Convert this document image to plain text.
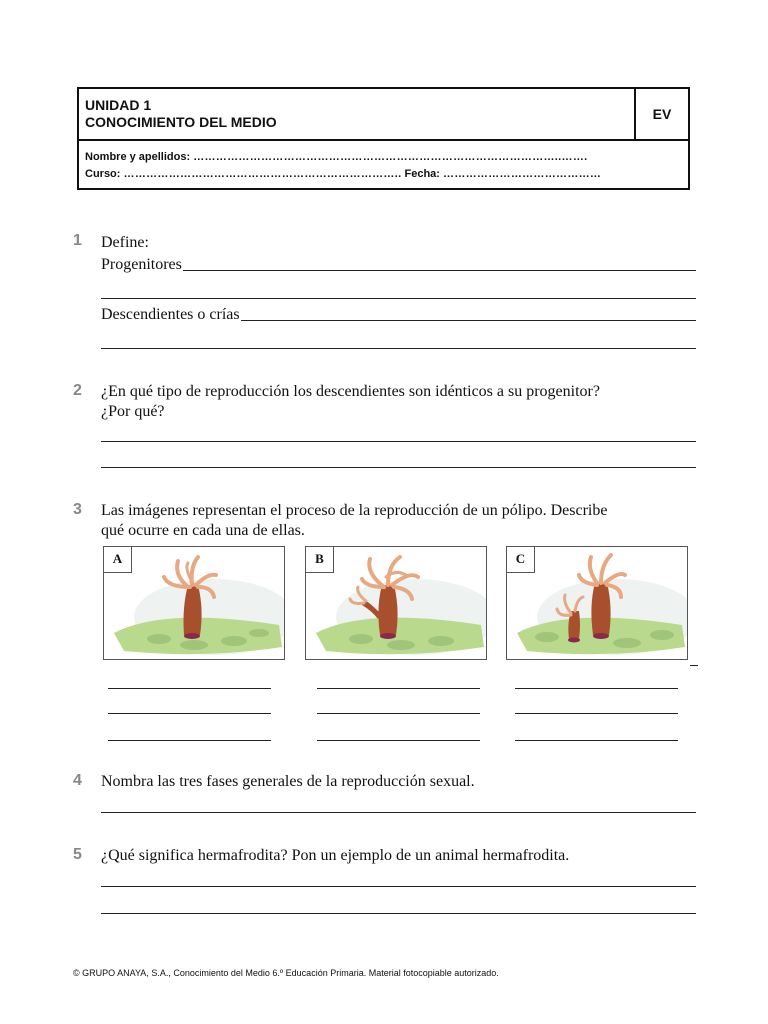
UNIDAD 1
CONOCIMIENTO DEL MEDIO	EV
Nombre y apellidos: ……………………………………………………………………………………..…….
Curso: ……………………………………………………………….. Fecha: ……………………………………
1 Define:
Progenitores
Descendientes o crías
2 ¿En qué tipo de reproducción los descendientes son idénticos a su progenitor?
¿Por qué?
3 Las imágenes representan el proceso de la reproducción de un pólipo. Describe
qué ocurre en cada una de ellas.
A	B	C
4 Nombra las tres fases generales de la reproducción sexual.
5 ¿Qué significa hermafrodita? Pon un ejemplo de un animal hermafrodita.
© GRUPO ANAYA, S.A., Conocimiento del Medio 6.º Educación Primaria. Material fotocopiable autorizado.
